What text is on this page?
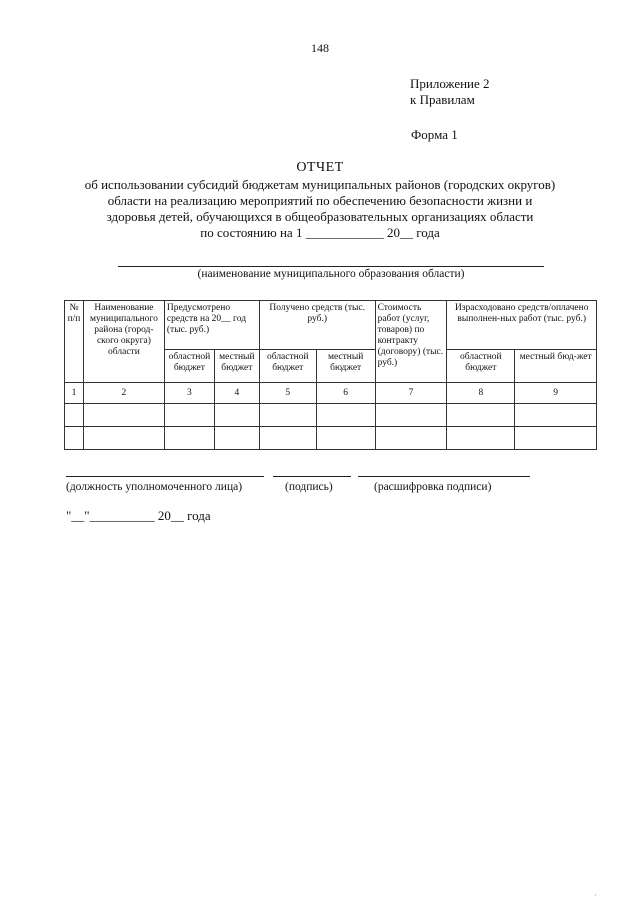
148
Приложение 2
к Правилам
Форма 1
ОТЧЕТ
об использовании субсидий бюджетам муниципальных районов (городских округов)
области на реализацию мероприятий по обеспечению безопасности жизни и
здоровья детей, обучающихся в общеобразовательных организациях области
по состоянию на 1 ____________ 20__ года
(наименование муниципального образования области)
№ п/п	Наименование муниципального района (город-ского округа) области	Предусмотрено средств на 20__ год (тыс. руб.)		Получено средств (тыс. руб.)		Стоимость работ (услуг, товаров) по контракту (договору) (тыс. руб.)	Израсходовано средств/оплачено выполнен-ных работ (тыс. руб.)	
		областной бюджет	местный бюджет	областной бюджет	местный бюджет		областной бюджет	местный бюд-жет
1	2	3	4	5	6	7	8	9

(должность уполномоченного лица)	(подпись)	(расшифровка подписи)
"__"__________ 20__ года
·
